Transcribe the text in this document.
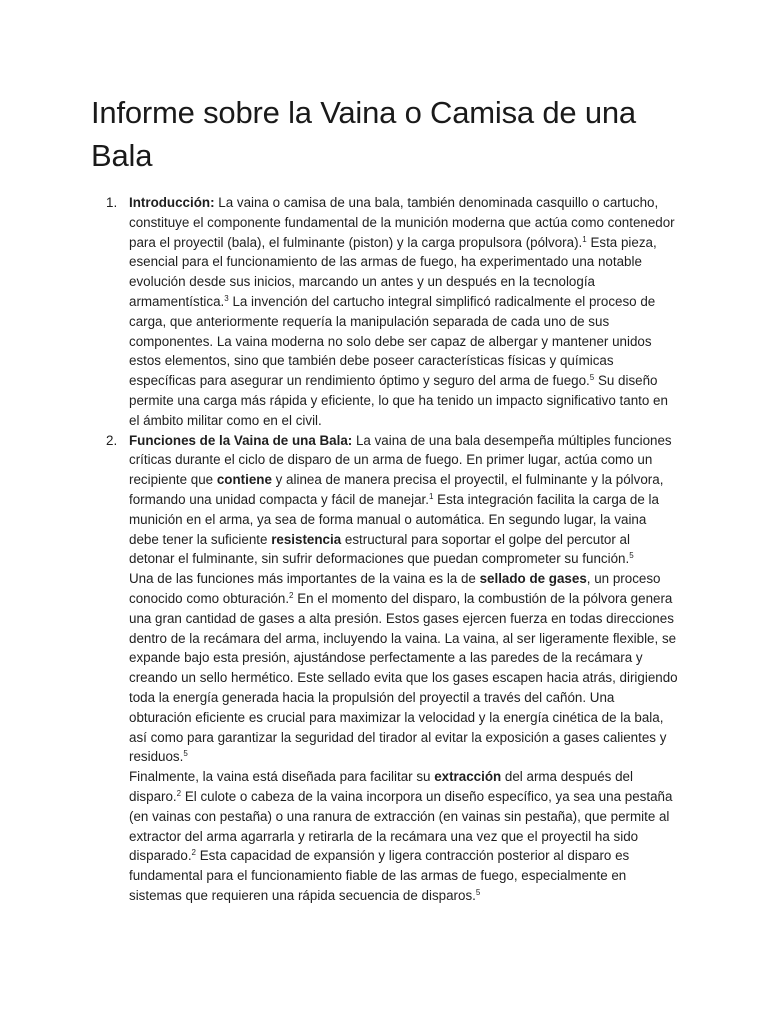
Informe sobre la Vaina o Camisa de una Bala
1. Introducción: La vaina o camisa de una bala, también denominada casquillo o cartucho, constituye el componente fundamental de la munición moderna que actúa como contenedor para el proyectil (bala), el fulminante (piston) y la carga propulsora (pólvora).$^1$ Esta pieza, esencial para el funcionamiento de las armas de fuego, ha experimentado una notable evolución desde sus inicios, marcando un antes y un después en la tecnología armamentística.$^3$ La invención del cartucho integral simplificó radicalmente el proceso de carga, que anteriormente requería la manipulación separada de cada uno de sus componentes. La vaina moderna no solo debe ser capaz de albergar y mantener unidos estos elementos, sino que también debe poseer características físicas y químicas específicas para asegurar un rendimiento óptimo y seguro del arma de fuego.$^5$ Su diseño permite una carga más rápida y eficiente, lo que ha tenido un impacto significativo tanto en el ámbito militar como en el civil.

2. Funciones de la Vaina de una Bala: La vaina de una bala desempeña múltiples funciones críticas durante el ciclo de disparo de un arma de fuego. En primer lugar, actúa como un recipiente que contiene y alinea de manera precisa el proyectil, el fulminante y la pólvora, formando una unidad compacta y fácil de manejar.$^1$ Esta integración facilita la carga de la munición en el arma, ya sea de forma manual o automática. En segundo lugar, la vaina debe tener la suficiente resistencia estructural para soportar el golpe del percutor al detonar el fulminante, sin sufrir deformaciones que puedan comprometer su función.$^5$

Una de las funciones más importantes de la vaina es la de sellado de gases, un proceso conocido como obturación.$^2$ En el momento del disparo, la combustión de la pólvora genera una gran cantidad de gases a alta presión. Estos gases ejercen fuerza en todas direcciones dentro de la recámara del arma, incluyendo la vaina. La vaina, al ser ligeramente flexible, se expande bajo esta presión, ajustándose perfectamente a las paredes de la recámara y creando un sello hermético. Este sellado evita que los gases escapen hacia atrás, dirigiendo toda la energía generada hacia la propulsión del proyectil a través del cañón. Una obturación eficiente es crucial para maximizar la velocidad y la energía cinética de la bala, así como para garantizar la seguridad del tirador al evitar la exposición a gases calientes y residuos.$^5$

Finalmente, la vaina está diseñada para facilitar su extracción del arma después del disparo.$^2$ El culote o cabeza de la vaina incorpora un diseño específico, ya sea una pestaña (en vainas con pestaña) o una ranura de extracción (en vainas sin pestaña), que permite al extractor del arma agarrarla y retirarla de la recámara una vez que el proyectil ha sido disparado.$^2$ Esta capacidad de expansión y ligera contracción posterior al disparo es fundamental para el funcionamiento fiable de las armas de fuego, especialmente en sistemas que requieren una rápida secuencia de disparos.$^5$
